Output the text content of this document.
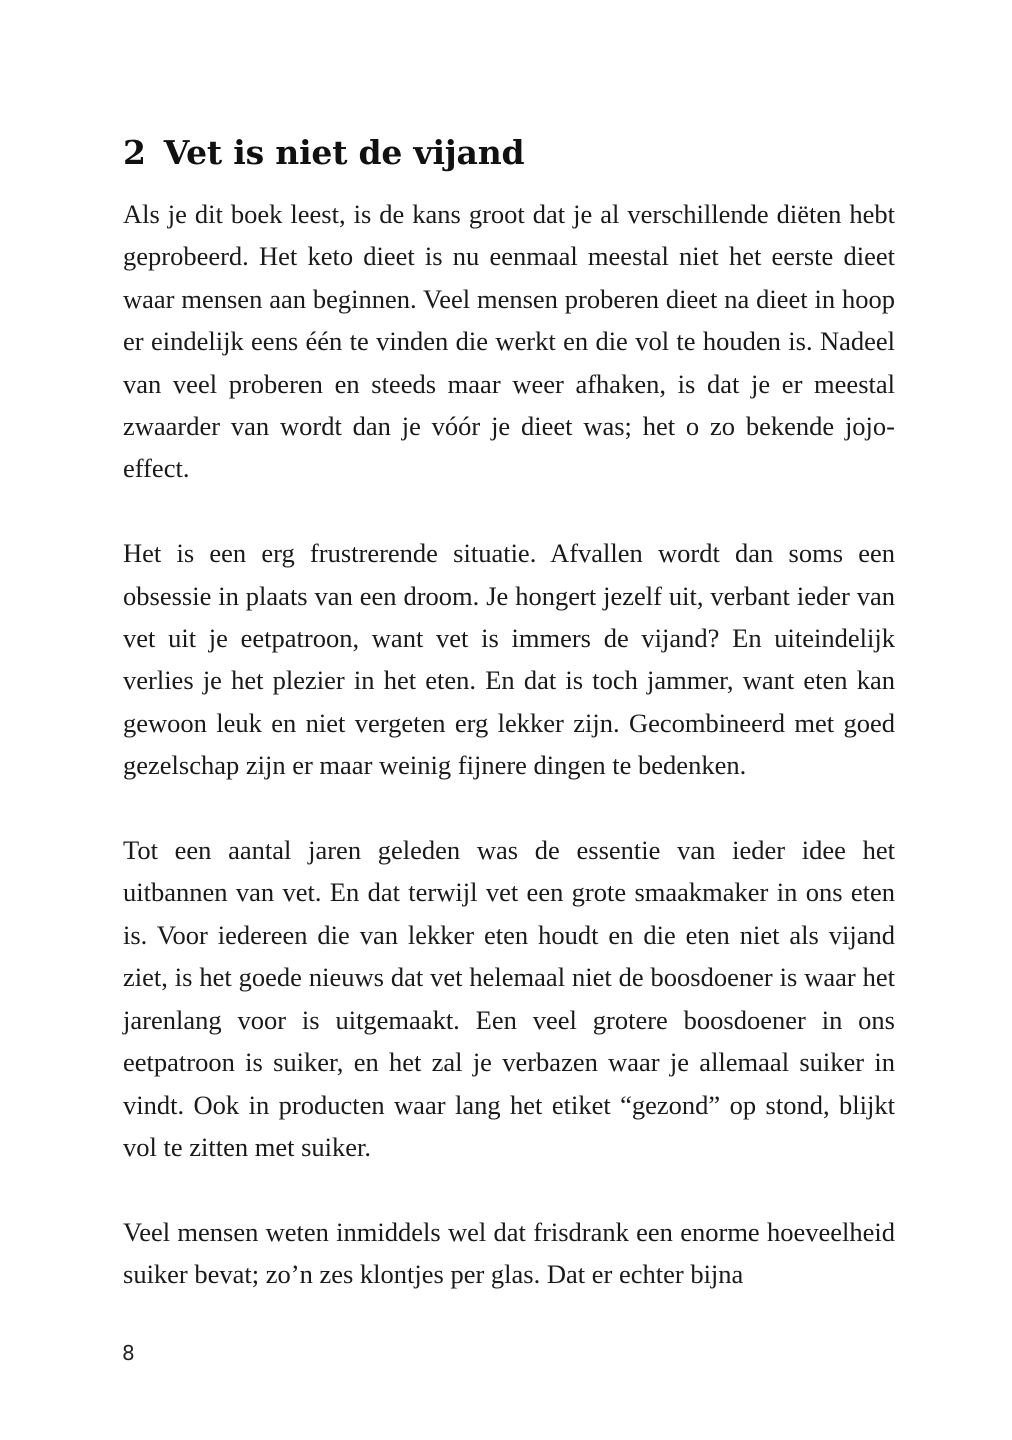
2 Vet is niet de vijand

Als je dit boek leest, is de kans groot dat je al verschillende diëten hebt geprobeerd. Het keto dieet is nu eenmaal meestal niet het eerste dieet waar mensen aan beginnen. Veel mensen proberen dieet na dieet in hoop er eindelijk eens één te vinden die werkt en die vol te houden is. Nadeel van veel proberen en steeds maar weer afhaken, is dat je er meestal zwaarder van wordt dan je vóór je dieet was; het o zo bekende jojo-effect.

Het is een erg frustrerende situatie. Afvallen wordt dan soms een obsessie in plaats van een droom. Je hongert jezelf uit, verbant ieder van vet uit je eetpatroon, want vet is immers de vijand? En uiteindelijk verlies je het plezier in het eten. En dat is toch jammer, want eten kan gewoon leuk en niet vergeten erg lekker zijn. Gecombineerd met goed gezelschap zijn er maar weinig fijnere dingen te bedenken.

Tot een aantal jaren geleden was de essentie van ieder idee het uitbannen van vet. En dat terwijl vet een grote smaakmaker in ons eten is. Voor iedereen die van lekker eten houdt en die eten niet als vijand ziet, is het goede nieuws dat vet helemaal niet de boosdoener is waar het jarenlang voor is uitgemaakt. Een veel grotere boosdoener in ons eetpatroon is suiker, en het zal je verbazen waar je allemaal suiker in vindt. Ook in producten waar lang het etiket “gezond” op stond, blijkt vol te zitten met suiker.

Veel mensen weten inmiddels wel dat frisdrank een enorme hoeveelheid suiker bevat; zo’n zes klontjes per glas. Dat er echter bijna

8
